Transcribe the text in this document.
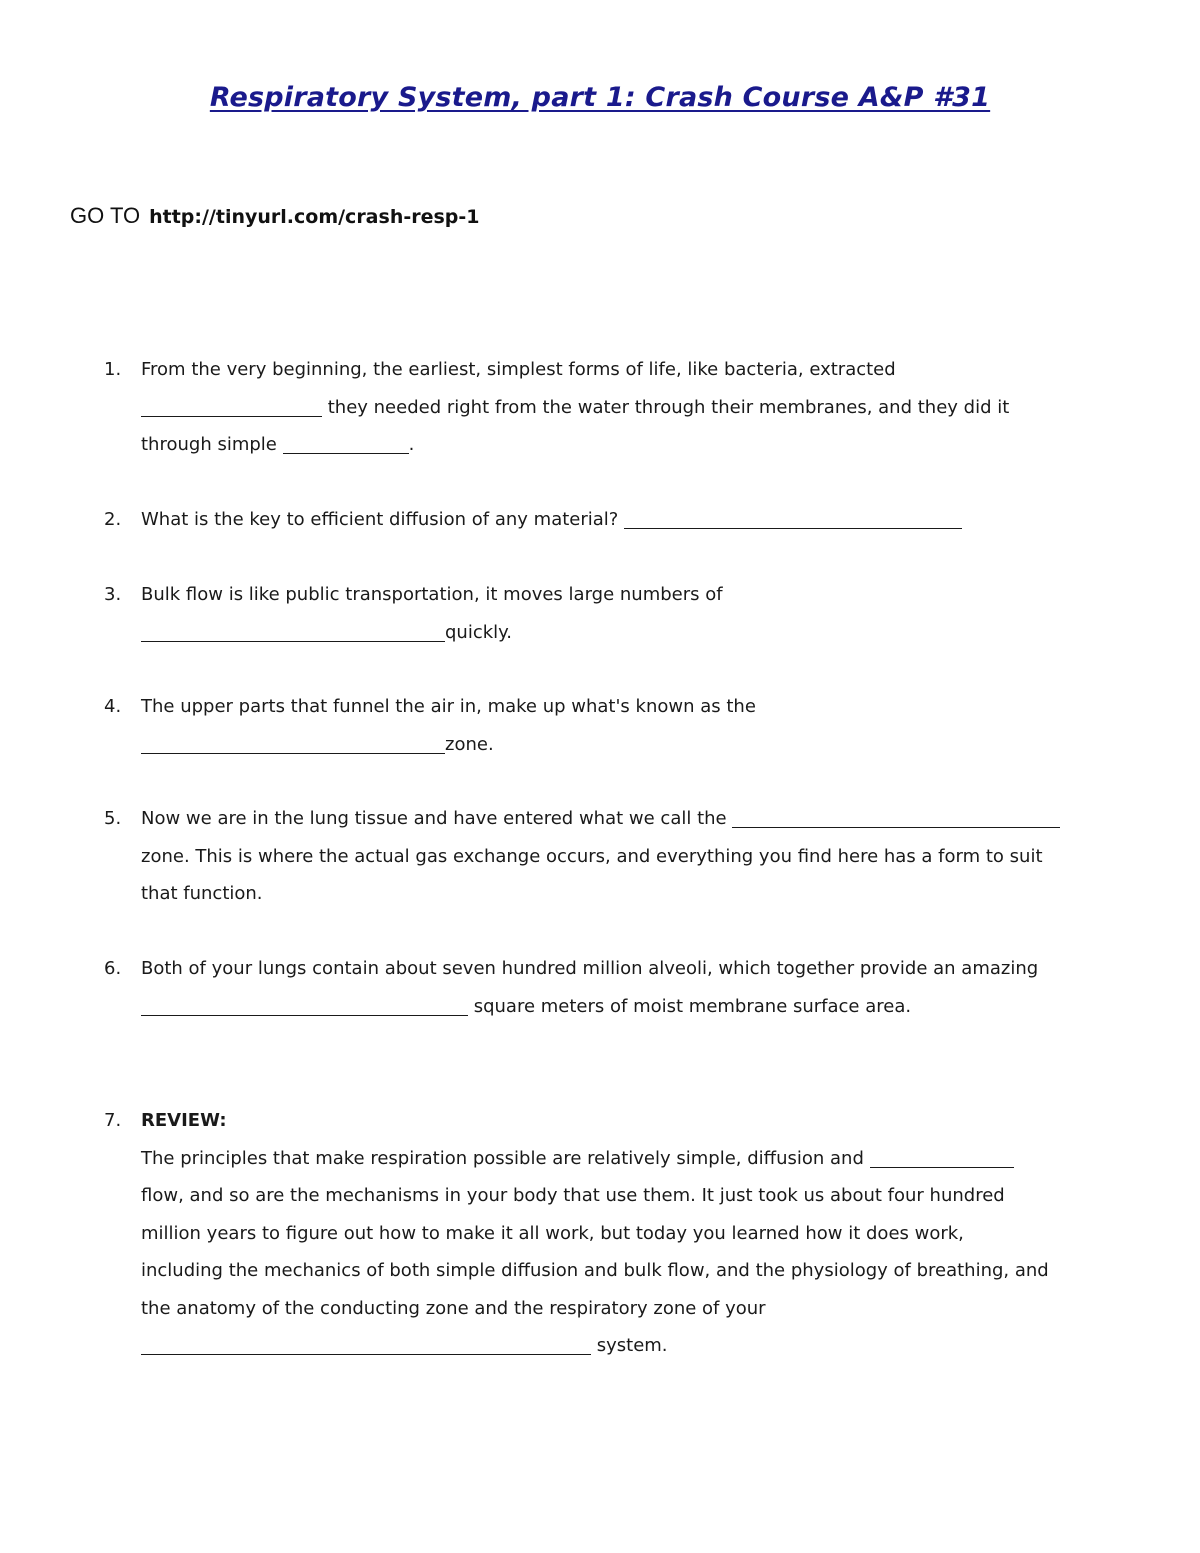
Respiratory System, part 1: Crash Course A&P #31
GO TO http://tinyurl.com/crash-resp-1
1.	From the very beginning, the earliest, simplest forms of life, like bacteria, extracted
they needed right from the water through their membranes, and they did it
through simple	.
2.	What is the key to efficient diffusion of any material?
3.	Bulk flow is like public transportation, it moves large numbers of
quickly.
4.	The upper parts that funnel the air in, make up what's known as the
zone.
5.	Now we are in the lung tissue and have entered what we call the
zone. This is where the actual gas exchange occurs, and everything you find here has a form to suit
that function.
6.	Both of your lungs contain about seven hundred million alveoli, which together provide an amazing
square meters of moist membrane surface area.
7.	REVIEW:
The principles that make respiration possible are relatively simple, diffusion and
flow, and so are the mechanisms in your body that use them. It just took us about four hundred
million years to figure out how to make it all work, but today you learned how it does work,
including the mechanics of both simple diffusion and bulk flow, and the physiology of breathing, and
the anatomy of the conducting zone and the respiratory zone of your
system.
